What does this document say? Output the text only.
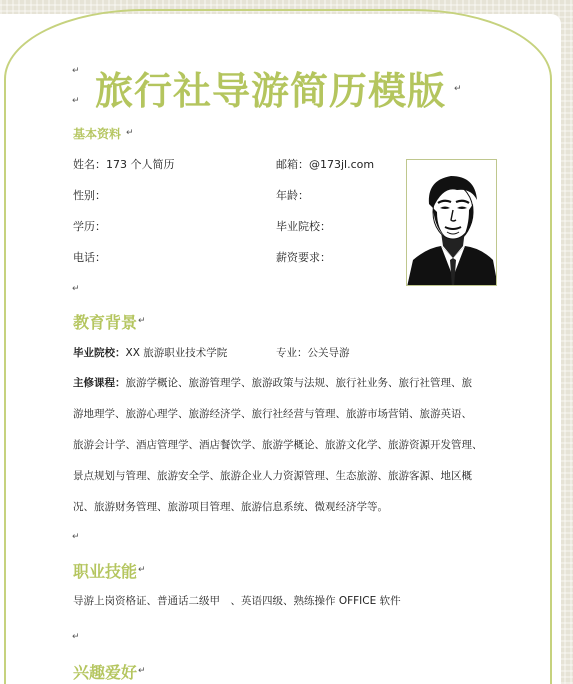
↵ 旅行社导游简历模版 ↵
↵
基本资料 ↵
姓名：173 个人简历	邮箱：@173jl.com
性别：	年龄：
学历：	毕业院校：
电话：	薪资要求：
↵
教育背景 ↵
毕业院校：XX 旅游职业技术学院	专业：公关导游
主修课程：旅游学概论、旅游管理学、旅游政策与法规、旅行社业务、旅行社管理、旅
游地理学、旅游心理学、旅游经济学、旅行社经营与管理、旅游市场营销、旅游英语、
旅游会计学、酒店管理学、酒店餐饮学、旅游学概论、旅游文化学、旅游资源开发管理、
景点规划与管理、旅游安全学、旅游企业人力资源管理、生态旅游、旅游客源、地区概
况、旅游财务管理、旅游项目管理、旅游信息系统、微观经济学等。
↵
职业技能 ↵
导游上岗资格证、普通话二级甲　、英语四级、熟练操作 OFFICE 软件
↵
兴趣爱好 ↵
